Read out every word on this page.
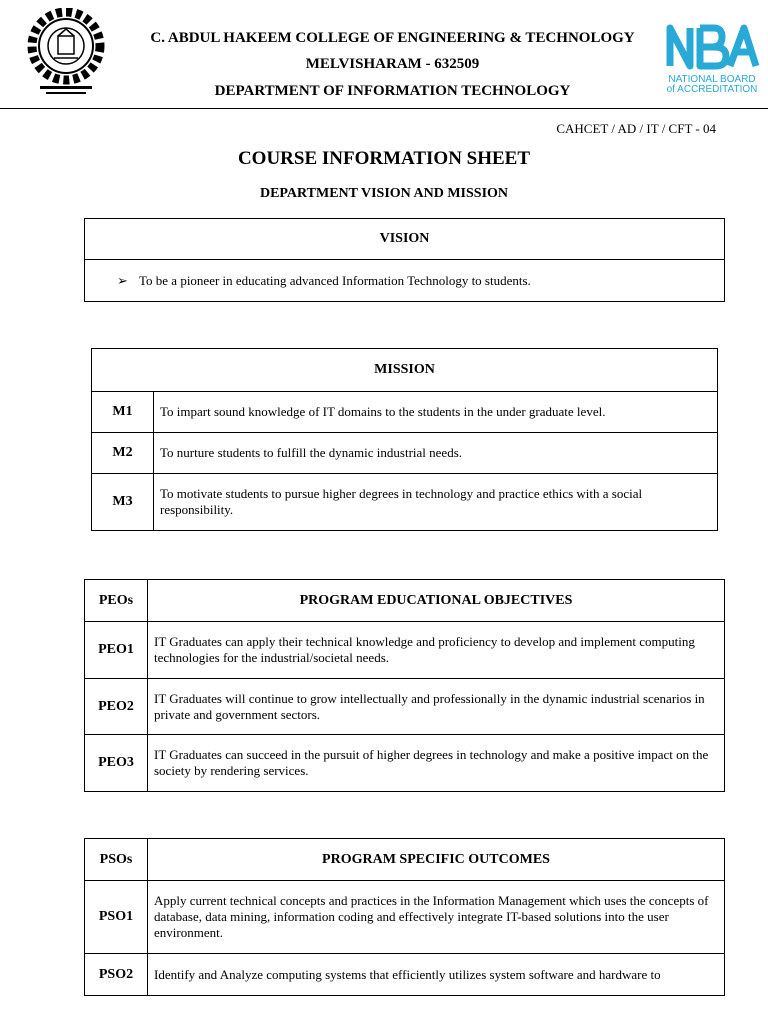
C. ABDUL HAKEEM COLLEGE OF ENGINEERING & TECHNOLOGY
MELVISHARAM - 632509
DEPARTMENT OF INFORMATION TECHNOLOGY
NATIONAL BOARD
of ACCREDITATION
CAHCET / AD / IT / CFT - 04
COURSE INFORMATION SHEET
DEPARTMENT VISION AND MISSION
VISION
➢ To be a pioneer in educating advanced Information Technology to students.
MISSION	
M1	To impart sound knowledge of IT domains to the students in the under graduate level.
M2	To nurture students to fulfill the dynamic industrial needs.
M3	To motivate students to pursue higher degrees in technology and practice ethics with a social responsibility.
PEOs	PROGRAM EDUCATIONAL OBJECTIVES
PEO1	IT Graduates can apply their technical knowledge and proficiency to develop and implement computing technologies for the industrial/societal needs.
PEO2	IT Graduates will continue to grow intellectually and professionally in the dynamic industrial scenarios in private and government sectors.
PEO3	IT Graduates can succeed in the pursuit of higher degrees in technology and make a positive impact on the society by rendering services.
PSOs	PROGRAM SPECIFIC OUTCOMES
PSO1	Apply current technical concepts and practices in the Information Management which uses the concepts of database, data mining, information coding and effectively integrate IT-based solutions into the user environment.
PSO2	Identify and Analyze computing systems that efficiently utilizes system software and hardware to
